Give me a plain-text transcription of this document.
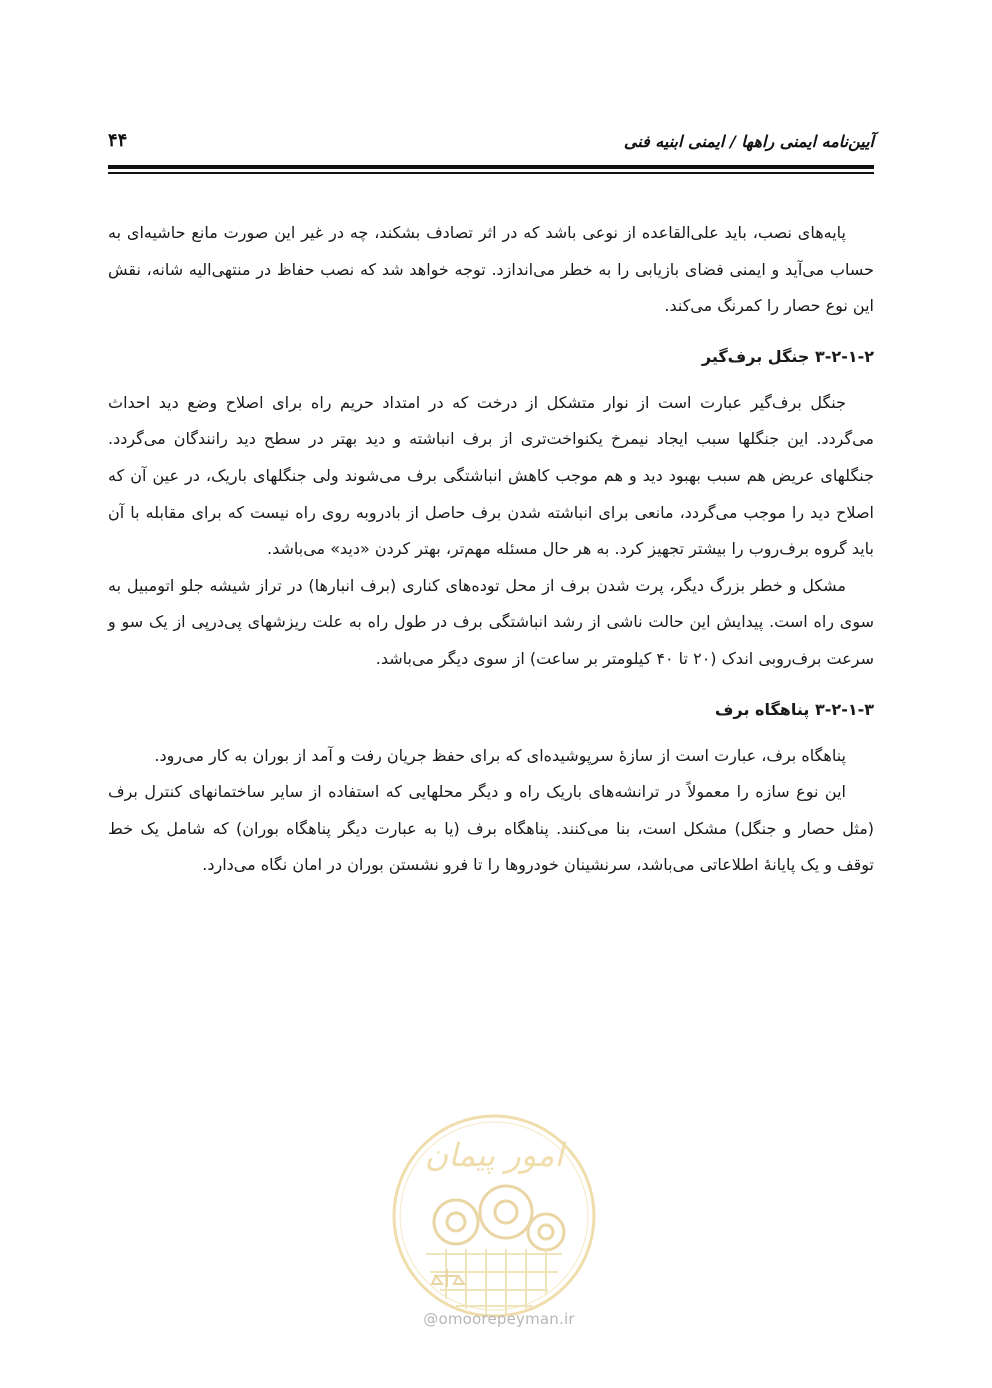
آیین‌نامه ایمنی راهها / ایمنی ابنیه فنی
۴۴

پایه‌های نصب، باید علی‌القاعده از نوعی باشد که در اثر تصادف بشکند، چه در غیر این صورت مانع حاشیه‌ای به حساب می‌آید و ایمنی فضای بازیابی را به خطر می‌اندازد. توجه خواهد شد که نصب حفاظ در منتهی‌الیه شانه، نقش این نوع حصار را کمرنگ می‌کند.

۳-۲-۱-۲ جنگل برف‌گیر

جنگل برف‌گیر عبارت است از نوار متشکل از درخت که در امتداد حریم راه برای اصلاح وضع دید احداث می‌گردد. این جنگلها سبب ایجاد نیمرخ یکنواخت‌تری از برف انباشته و دید بهتر در سطح دید رانندگان می‌گردد. جنگلهای عریض هم سبب بهبود دید و هم موجب کاهش انباشتگی برف می‌شوند ولی جنگلهای باریک، در عین آن که اصلاح دید را موجب می‌گردد، مانعی برای انباشته شدن برف حاصل از بادروبه روی راه نیست که برای مقابله با آن باید گروه برف‌روب را بیشتر تجهیز کرد. به هر حال مسئله مهم‌تر، بهتر کردن «دید» می‌باشد.

مشکل و خطر بزرگ دیگر، پرت شدن برف از محل توده‌های کناری (برف انبارها) در تراز شیشه جلو اتومبیل به سوی راه است. پیدایش این حالت ناشی از رشد انباشتگی برف در طول راه به علت ریزشهای پی‌درپی از یک سو و سرعت برف‌روبی اندک (۲۰ تا ۴۰ کیلومتر بر ساعت) از سوی دیگر می‌باشد.

۳-۲-۱-۳ پناهگاه برف

پناهگاه برف، عبارت است از سازهٔ سرپوشیده‌ای که برای حفظ جریان رفت و آمد از بوران به کار می‌رود.

این نوع سازه را معمولاً در ترانشه‌های باریک راه و دیگر محلهایی که استفاده از سایر ساختمانهای کنترل برف (مثل حصار و جنگل) مشکل است، بنا می‌کنند. پناهگاه برف (یا به عبارت دیگر پناهگاه بوران) که شامل یک خط توقف و یک پایانهٔ اطلاعاتی می‌باشد، سرنشینان خودروها را تا فرو نشستن بوران در امان نگاه می‌دارد.

امور پیمان
@omoorepeyman.ir
